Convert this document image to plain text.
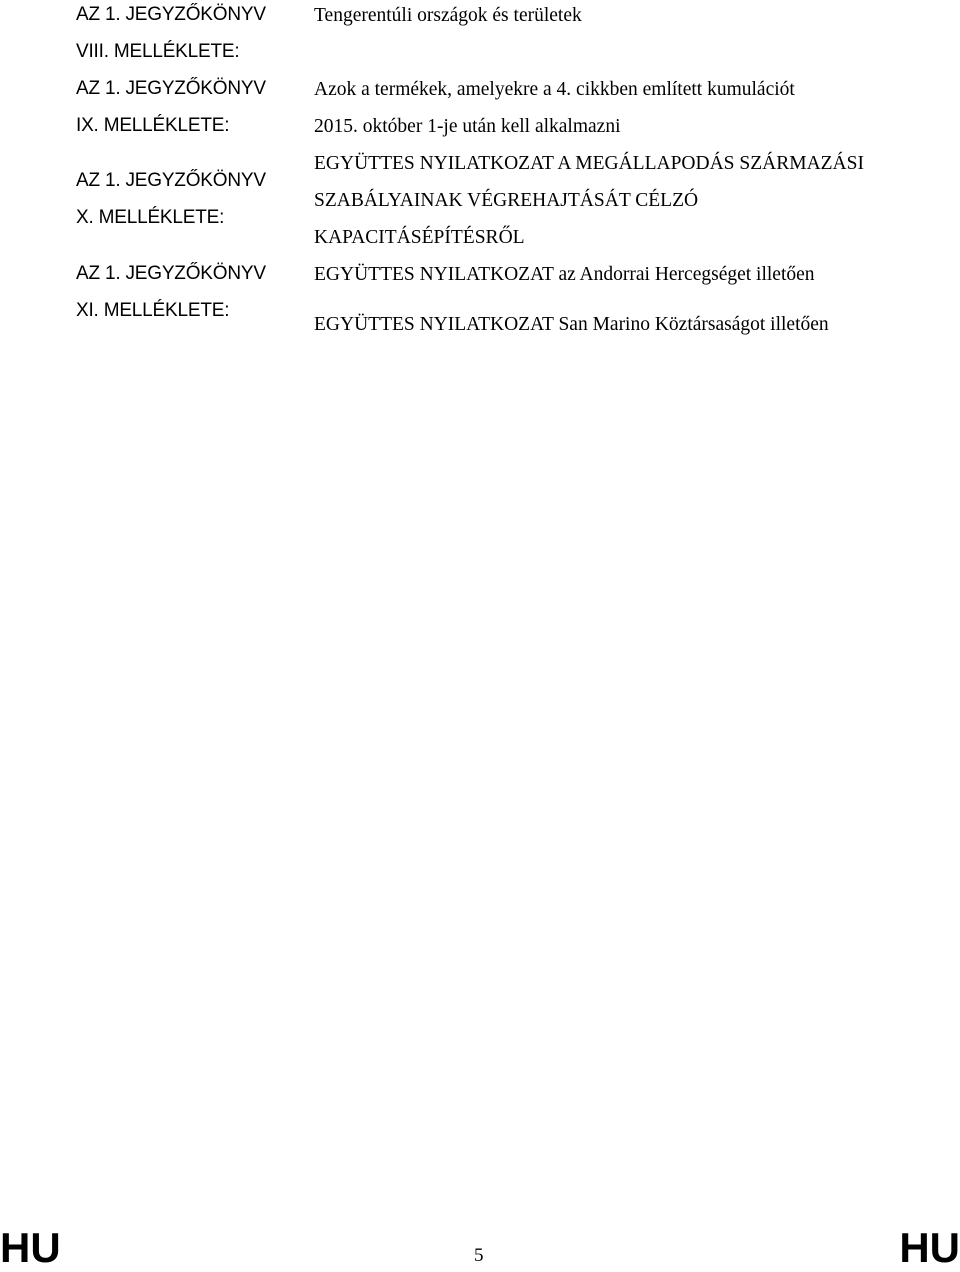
AZ 1. JEGYZŐKÖNYV
VIII. MELLÉKLETE:
Tengerentúli országok és területek
AZ 1. JEGYZŐKÖNYV
IX. MELLÉKLETE:
Azok a termékek, amelyekre a 4. cikkben említett kumulációt
2015. október 1-je után kell alkalmazni
AZ 1. JEGYZŐKÖNYV
X. MELLÉKLETE:
EGYÜTTES NYILATKOZAT A MEGÁLLAPODÁS SZÁRMAZÁSI
SZABÁLYAINAK VÉGREHAJTÁSÁT CÉLZÓ
KAPACITÁSÉPÍTÉSRŐL
AZ 1. JEGYZŐKÖNYV
XI. MELLÉKLETE:
EGYÜTTES NYILATKOZAT az Andorrai Hercegséget illetően
EGYÜTTES NYILATKOZAT San Marino Köztársaságot illetően
HU	5	HU
